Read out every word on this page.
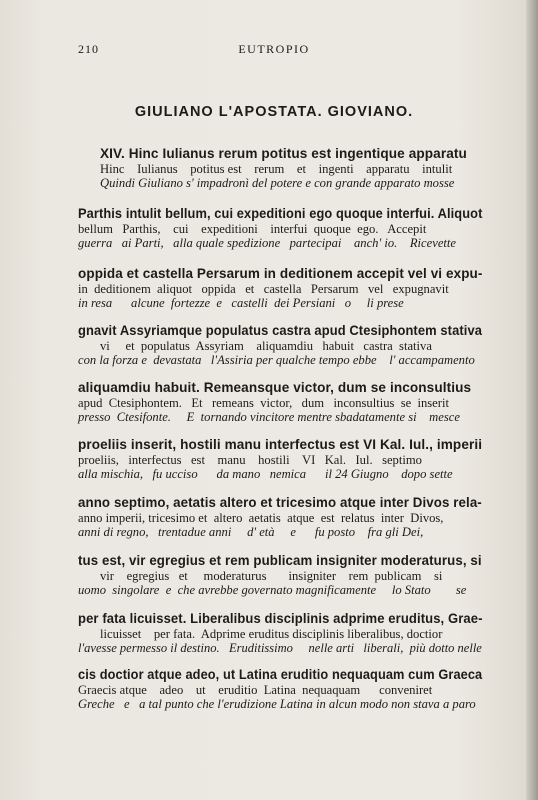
210	EUTROPIO
GIULIANO L'APOSTATA. GIOVIANO.
XIV. Hinc Iulianus rerum potitus est ingentique apparatu
Hinc    Iulianus    potitus est    rerum    et    ingenti    apparatu    intulit
Quindi Giuliano s' impadronì del potere e con grande apparato mosse
Parthis intulit bellum, cui expeditioni ego quoque interfui. Aliquot
bellum   Parthis,    cui    expeditioni    interfui  quoque  ego.   Accepit
guerra   ai Parti,   alla quale spedizione   partecipai    anch' io.    Ricevette
oppida et castella Persarum in deditionem accepit vel vi expu-
in  deditionem  aliquot   oppida   et   castella   Persarum   vel   expugnavit
in resa      alcune  fortezze  e   castelli  dei Persiani   o     li prese
gnavit Assyriamque populatus castra apud Ctesiphontem stativa
vi     et  populatus  Assyriam    aliquamdiu   habuit   castra  stativa
con la forza e  devastata   l'Assiria per qualche tempo ebbe    l' accampamento
aliquamdiu habuit. Remeansque victor, dum se inconsultius
apud  Ctesiphontem.   Et   remeans  victor,   dum   inconsultius  se  inserit
presso  Ctesifonte.     E  tornando vincitore mentre sbadatamente si    mesce
proeliis inserit, hostili manu interfectus est VI Kal. Iul., imperii
proeliis,   interfectus   est    manu    hostili    VI   Kal.   Iul.   septimo
alla mischia,   fu ucciso      da mano   nemica      il 24 Giugno    dopo sette
anno septimo, aetatis altero et tricesimo atque inter Divos rela-
anno imperii, tricesimo et  altero  aetatis  atque  est  relatus  inter  Divos,
anni di regno,   trentadue anni     d' età     e      fu posto    fra gli Dei,
tus est, vir egregius et rem publicam insigniter moderaturus, si
vir    egregius   et     moderaturus       insigniter    rem  publicam    si
uomo  singolare  e  che avrebbe governato magnificamente     lo Stato        se
per fata licuisset. Liberalibus disciplinis adprime eruditus, Grae-
licuisset    per fata.  Adprime eruditus disciplinis liberalibus, doctior
l'avesse permesso il destino.   Eruditissimo     nelle arti   liberali,  più dotto nelle
cis doctior atque adeo, ut Latina eruditio nequaquam cum Graeca
Graecis atque    adeo    ut    eruditio  Latina  nequaquam      conveniret
Greche   e   a tal punto che l'erudizione Latina in alcun modo non stava a paro
